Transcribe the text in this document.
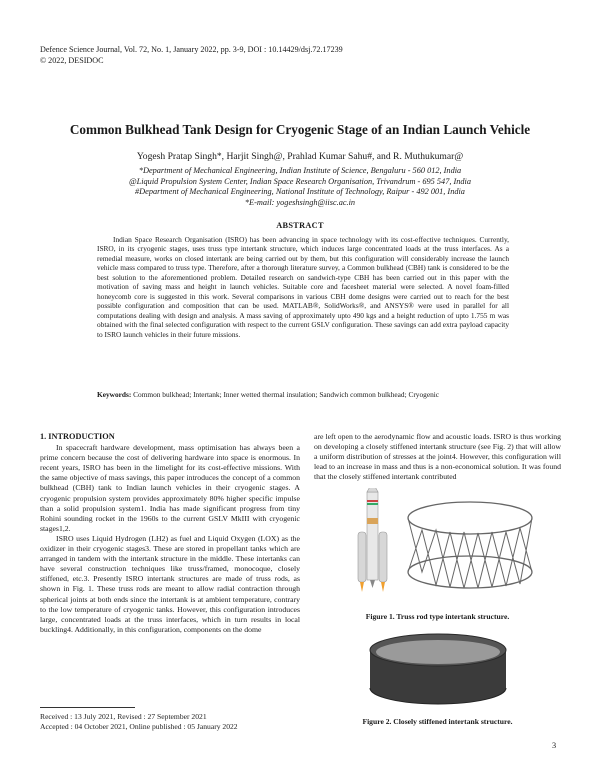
Defence Science Journal, Vol. 72, No. 1, January 2022, pp. 3-9, DOI : 10.14429/dsj.72.17239
© 2022, DESIDOC
Common Bulkhead Tank Design for Cryogenic Stage of an Indian Launch Vehicle
Yogesh Pratap Singh*, Harjit Singh@, Prahlad Kumar Sahu#, and R. Muthukumar@
*Department of Mechanical Engineering, Indian Institute of Science, Bengaluru - 560 012, India
@Liquid Propulsion System Center, Indian Space Research Organisation, Trivandrum - 695 547, India
#Department of Mechanical Engineering, National Institute of Technology, Raipur - 492 001, India
*E-mail: yogeshsingh@iisc.ac.in
ABSTRACT
Indian Space Research Organisation (ISRO) has been advancing in space technology with its cost-effective techniques. Currently, ISRO, in its cryogenic stages, uses truss type intertank structure, which induces large concentrated loads at the truss interfaces. As a remedial measure, works on closed intertank are being carried out by them, but this configuration will considerably increase the launch vehicle mass compared to truss type. Therefore, after a thorough literature survey, a Common bulkhead (CBH) tank is considered to be the best solution to the aforementioned problem. Detailed research on sandwich-type CBH has been carried out in this paper with the motivation of saving mass and height in launch vehicles. Suitable core and facesheet material were selected. A novel foam-filled honeycomb core is suggested in this work. Several comparisons in various CBH dome designs were carried out to reach for the best possible configuration and composition that can be used. MATLAB®, SolidWorks®, and ANSYS® were used in parallel for all computations dealing with design and analysis. A mass saving of approximately upto 490 kgs and a height reduction of upto 1.755 m was obtained with the final selected configuration with respect to the current GSLV configuration. These savings can add extra payload capacity to ISRO launch vehicles in their future missions.
Keywords: Common bulkhead; Intertank; Inner wetted thermal insulation; Sandwich common bulkhead; Cryogenic
1. INTRODUCTION
In spacecraft hardware development, mass optimisation has always been a prime concern because the cost of delivering hardware into space is enormous. In recent years, ISRO has been in the limelight for its cost-effective missions. With the same objective of mass savings, this paper introduces the concept of a common bulkhead (CBH) tank to Indian launch vehicles in their cryogenic stages. A cryogenic propulsion system provides approximately 80% higher specific impulse than a solid propulsion system1. India has made significant progress from tiny Rohini sounding rocket in the 1960s to the current GSLV MkIII with cryogenic stages1,2.
ISRO uses Liquid Hydrogen (LH2) as fuel and Liquid Oxygen (LOX) as the oxidizer in their cryogenic stages3. These are stored in propellant tanks which are arranged in tandem with the intertank structure in the middle. These intertanks can have several construction techniques like truss/framed, monocoque, closely stiffened, etc.3. Presently ISRO intertank structures are made of truss rods, as shown in Fig. 1. These truss rods are meant to allow radial contraction through spherical joints at both ends since the intertank is at ambient temperature, contrary to the low temperature of cryogenic tanks. However, this configuration introduces large, concentrated loads at the truss interfaces, which in turn results in local buckling4. Additionally, in this configuration, components on the dome
are left open to the aerodynamic flow and acoustic loads. ISRO is thus working on developing a closely stiffened intertank structure (see Fig. 2) that will allow a uniform distribution of stresses at the joint4. However, this configuration will lead to an increase in mass and thus is a non-economical solution. It was found that the closely stiffened intertank contributed
Figure 1. Truss rod type intertank structure.
Figure 2. Closely stiffened intertank structure.
Received : 13 July 2021, Revised : 27 September 2021
Accepted : 04 October 2021, Online published : 05 January 2022
3
